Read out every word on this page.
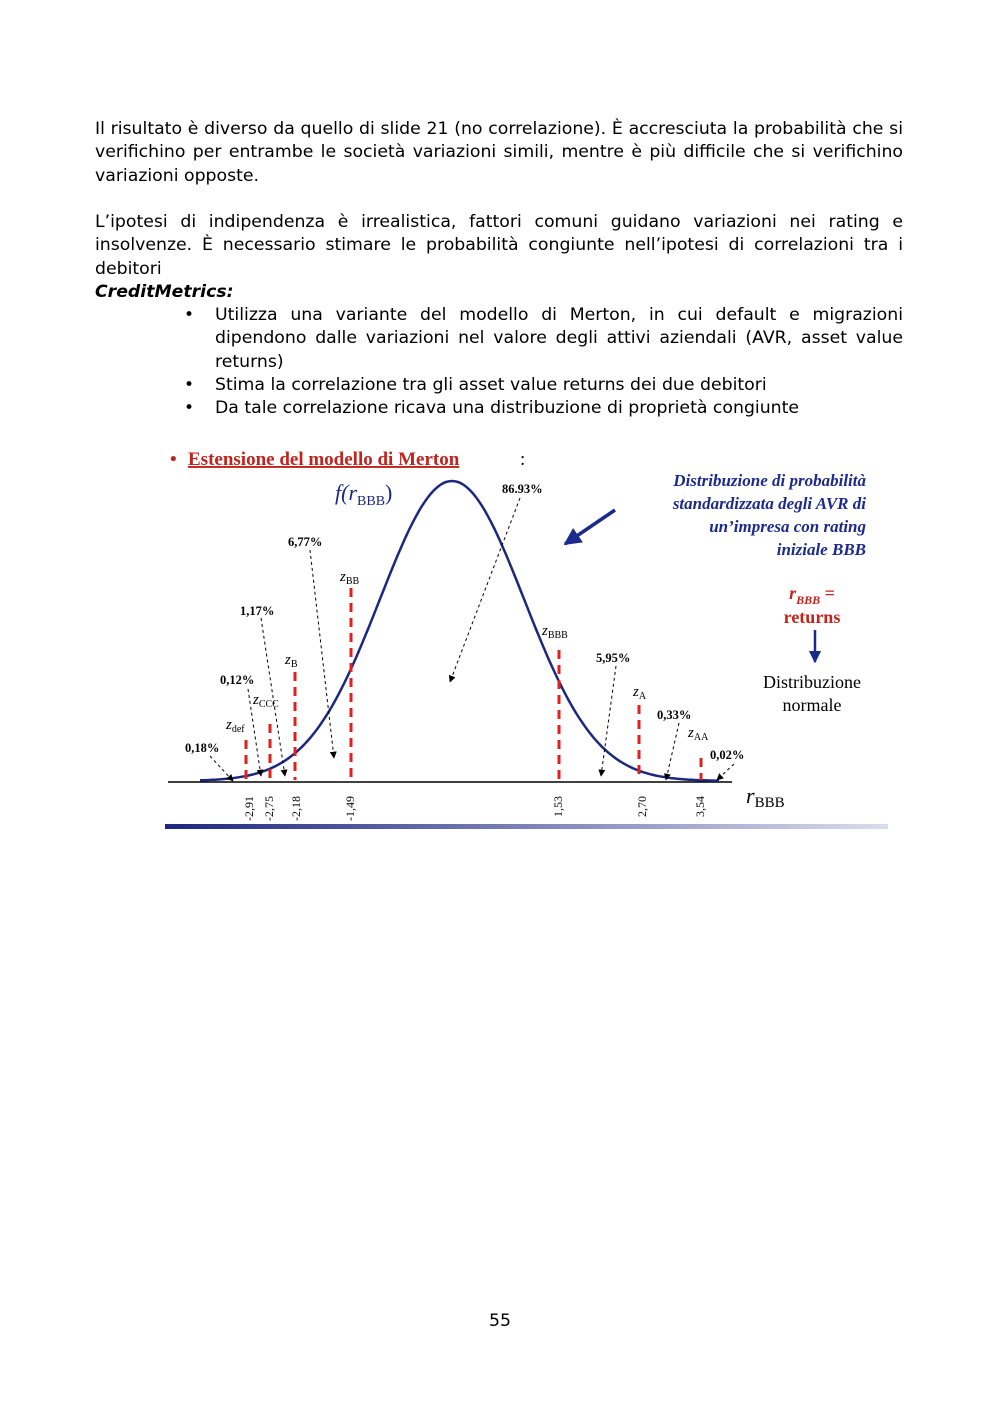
Il risultato è diverso da quello di slide 21 (no correlazione). È accresciuta la probabilità che si verifichino per entrambe le società variazioni simili, mentre è più difficile che si verifichino variazioni opposte.

L’ipotesi di indipendenza è irrealistica, fattori comuni guidano variazioni nei rating e insolvenze. È necessario stimare le probabilità congiunte nell’ipotesi di correlazioni tra i debitori

CreditMetrics:

• Utilizza una variante del modello di Merton, in cui default e migrazioni dipendono dalle variazioni nel valore degli attivi aziendali (AVR, asset value returns)
• Stima la correlazione tra gli asset value returns dei due debitori
• Da tale correlazione ricava una distribuzione di proprietà congiunte
• Estensione del modello di Merton	:
$f(r_{BBB})$	Distribuzione di probabilità
standardizzata degli AVR di
un’impresa con rating
iniziale BBB
$r_{BBB}$ =
returns
Distribuzione
normale
rBBB
$z_{def}$
$z_{CCC}$
$z_B$
$z_{BB}$
$z_{BBB}$
$z_A$
$z_{AA}$
-2,91 -2,75 -2,18	-1,49	1,53	2,70	3,54
0,18%
0,12%
1,17%
6,77%
86.93%
5,95%
0,33%
0,02%
55
